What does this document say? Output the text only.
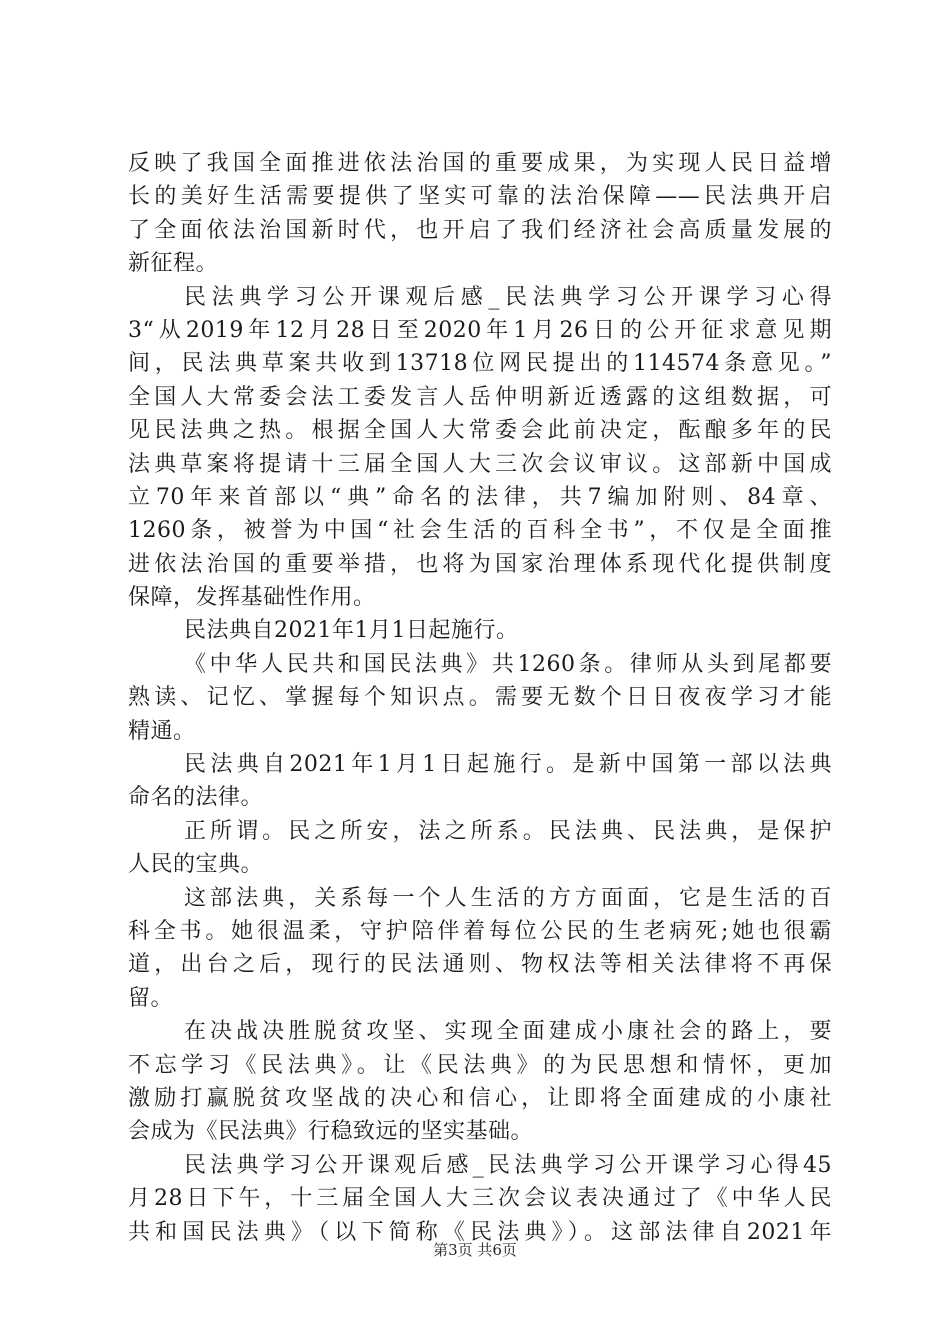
反映了我国全面推进依法治国的重要成果，为实现人民日益增
长的美好生活需要提供了坚实可靠的法治保障——民法典开启
了全面依法治国新时代，也开启了我们经济社会高质量发展的
新征程。
民法典学习公开课观后感_民法典学习公开课学习心得
3“从2019年12月28日至2020年1月26日的公开征求意见期
间，民法典草案共收到13718位网民提出的114574条意见。”
全国人大常委会法工委发言人岳仲明新近透露的这组数据，可
见民法典之热。根据全国人大常委会此前决定，酝酿多年的民
法典草案将提请十三届全国人大三次会议审议。这部新中国成
立70年来首部以“典”命名的法律，共7编加附则、84章、
1260条，被誉为中国“社会生活的百科全书”，不仅是全面推
进依法治国的重要举措，也将为国家治理体系现代化提供制度
保障，发挥基础性作用。
民法典自2021年1月1日起施行。
《中华人民共和国民法典》共1260条。律师从头到尾都要
熟读、记忆、掌握每个知识点。需要无数个日日夜夜学习才能
精通。
民法典自2021年1月1日起施行。是新中国第一部以法典
命名的法律。
正所谓。民之所安，法之所系。民法典、民法典，是保护
人民的宝典。
这部法典，关系每一个人生活的方方面面，它是生活的百
科全书。她很温柔，守护陪伴着每位公民的生老病死;她也很霸
道，出台之后，现行的民法通则、物权法等相关法律将不再保
留。
在决战决胜脱贫攻坚、实现全面建成小康社会的路上，要
不忘学习《民法典》。让《民法典》的为民思想和情怀，更加
激励打赢脱贫攻坚战的决心和信心，让即将全面建成的小康社
会成为《民法典》行稳致远的坚实基础。
民法典学习公开课观后感_民法典学习公开课学习心得45
月28日下午，十三届全国人大三次会议表决通过了《中华人民
共和国民法典》（以下简称《民法典》）。这部法律自2021年
第3页 共6页
